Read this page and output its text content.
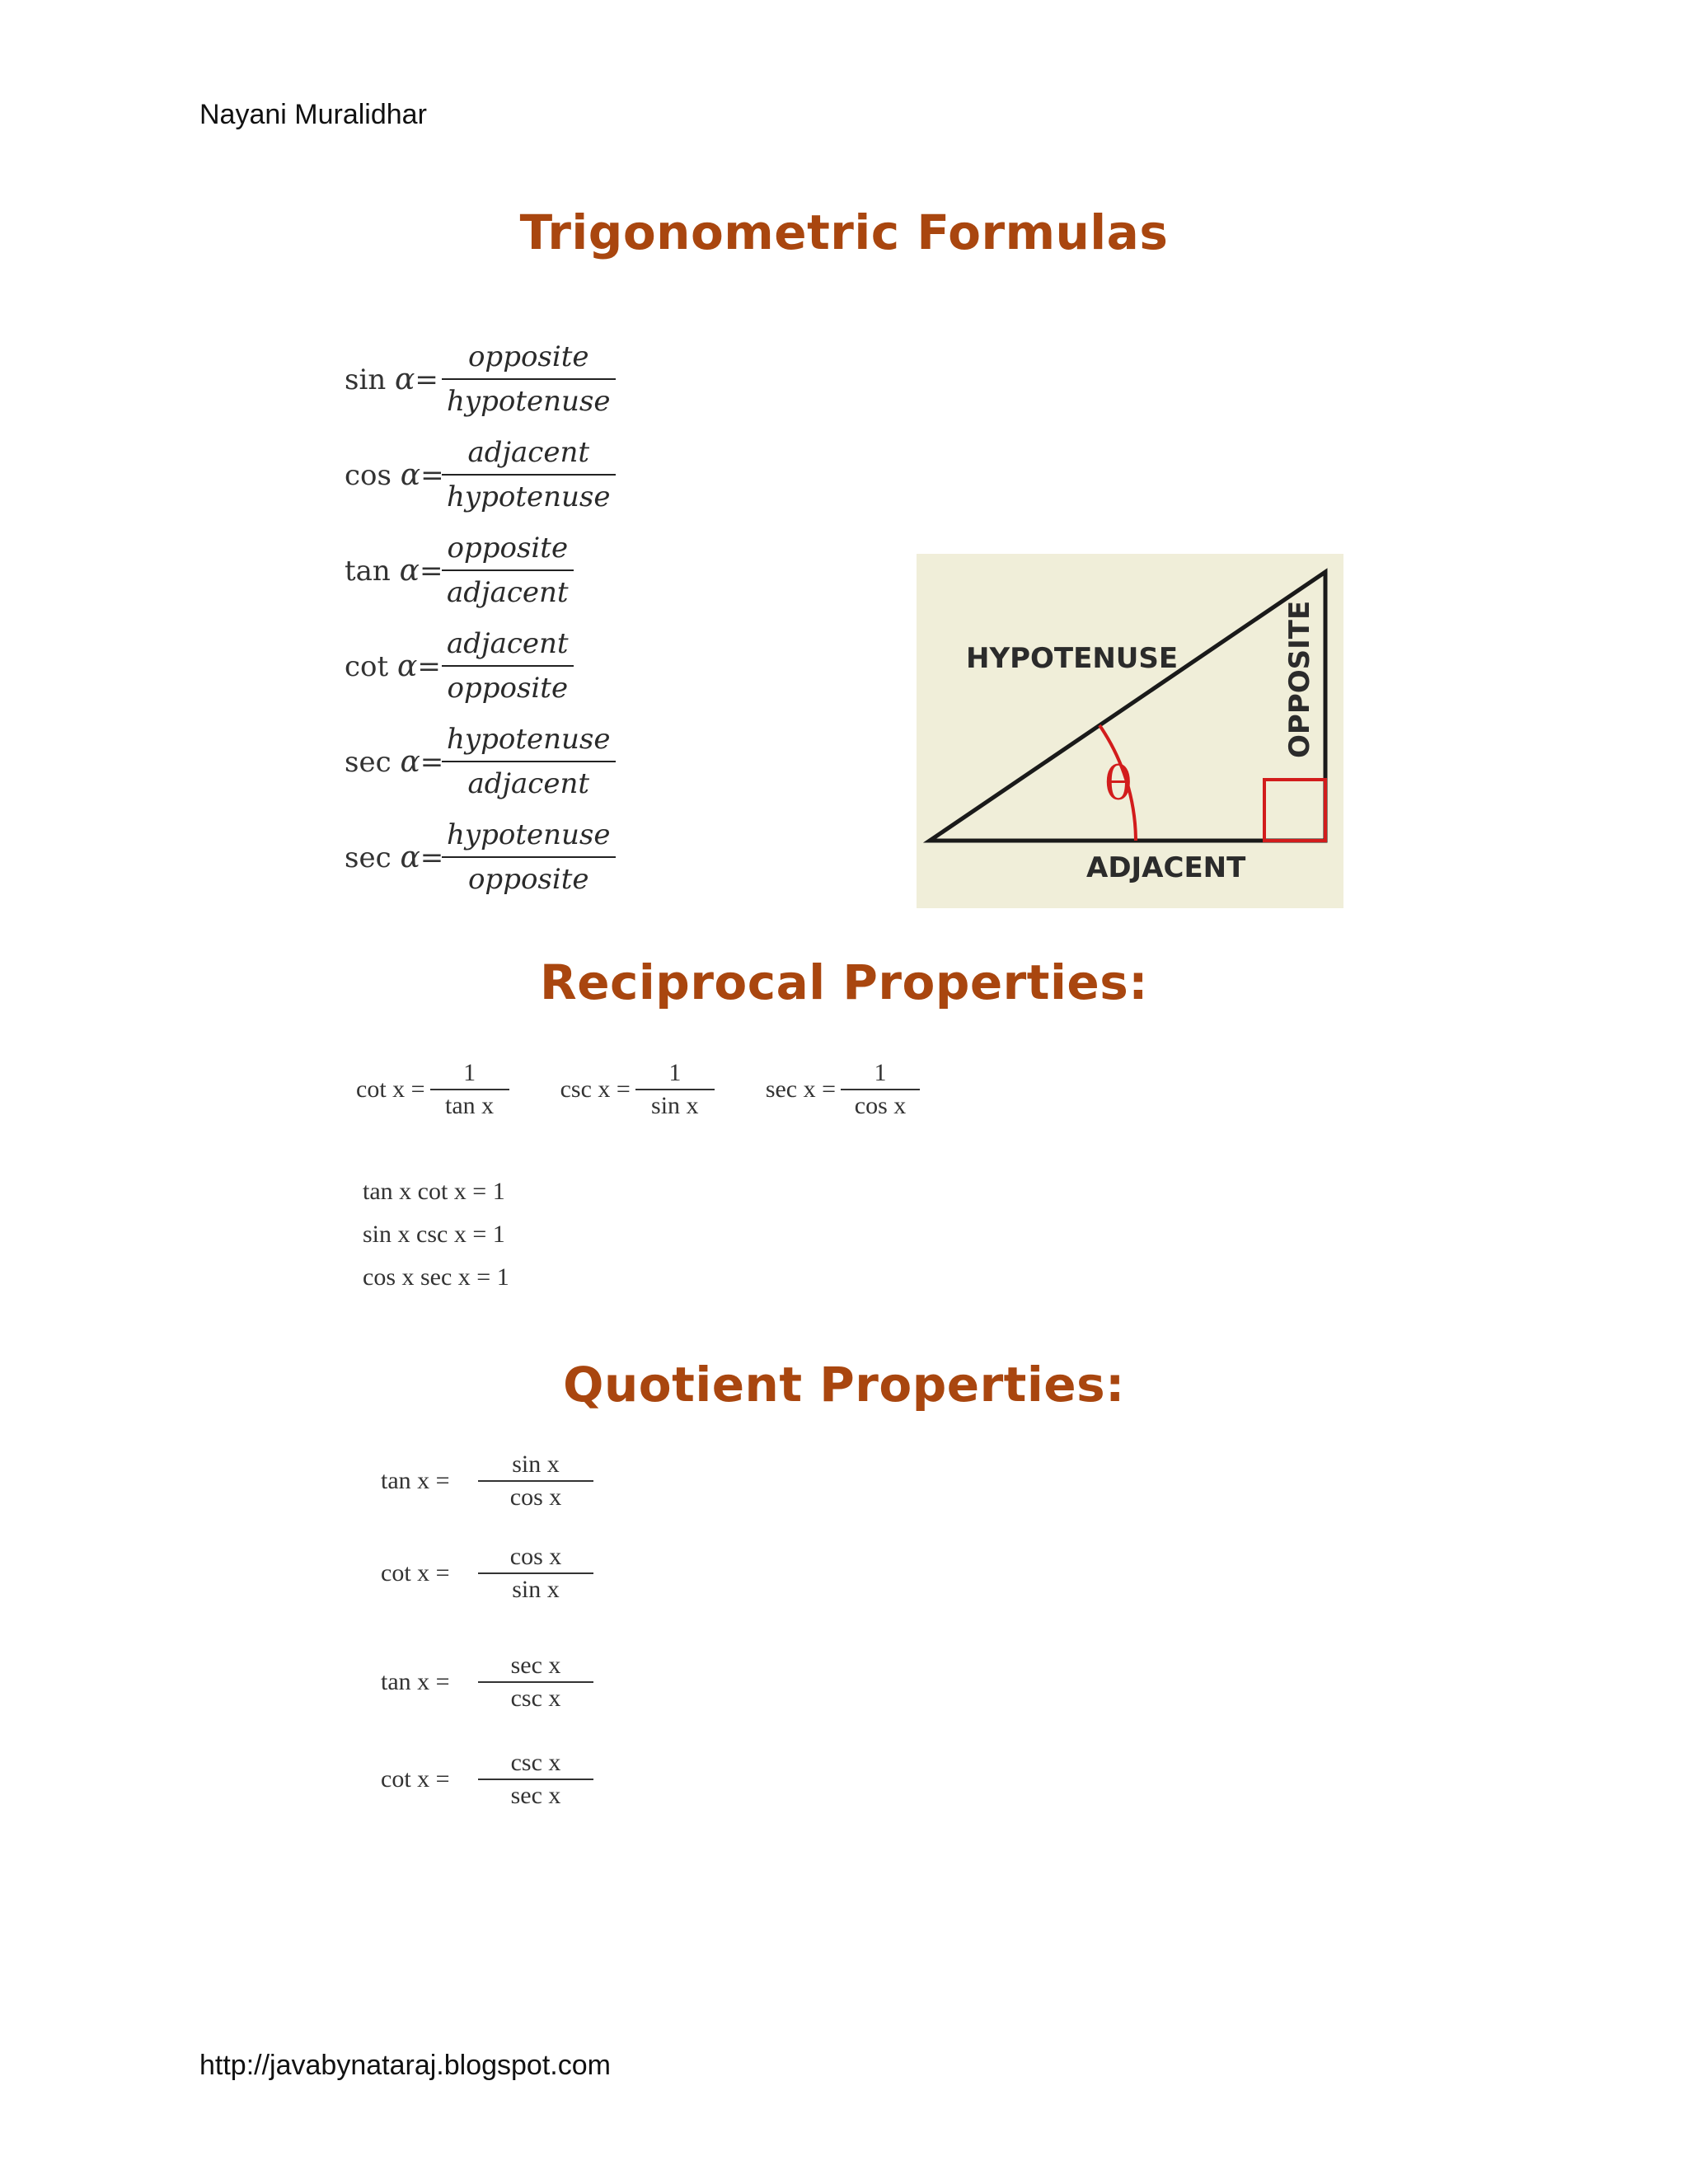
Nayani Muralidhar
Trigonometric Formulas
$\sin \alpha= \frac{\text{opposite}}{\text{hypotenuse}}$
cos α=
$\frac{\text{adjacent}}{\text{hypotenuse}}$
tan α=
$\frac{\text{opposite}}{\text{adjacent}}$
$\cot \alpha= \frac{\text{adjacent}}{\text{opposite}}$
sec α=
$\frac{\text{hypotenuse}}{\text{adjacent}}$
sec α=
$\frac{\text{hypotenuse}}{\text{opposite}}$
θ
HYPOTENUSE
ADJACENT
OPPOSITE
Reciprocal Properties:
$\cot x = \frac{1}{\text{tan x}}$ $\csc x = \frac{1}{\text{sin x}}$ $\sec x = \frac{1}{\text{cos x}}$
tan x cot x = 1
sin x csc x = 1
cos x sec x = 1
Quotient Properties:
tan x =	$\frac{\text{sin x}}{\text{cos x}}$
cot x =	$\frac{\text{cos x}}{\text{sin x}}$
tan x =	$\frac{\text{sec x}}{\text{csc x}}$
cot x =	$\frac{\text{csc x}}{\text{sec x}}$
http://javabynataraj.blogspot.com
